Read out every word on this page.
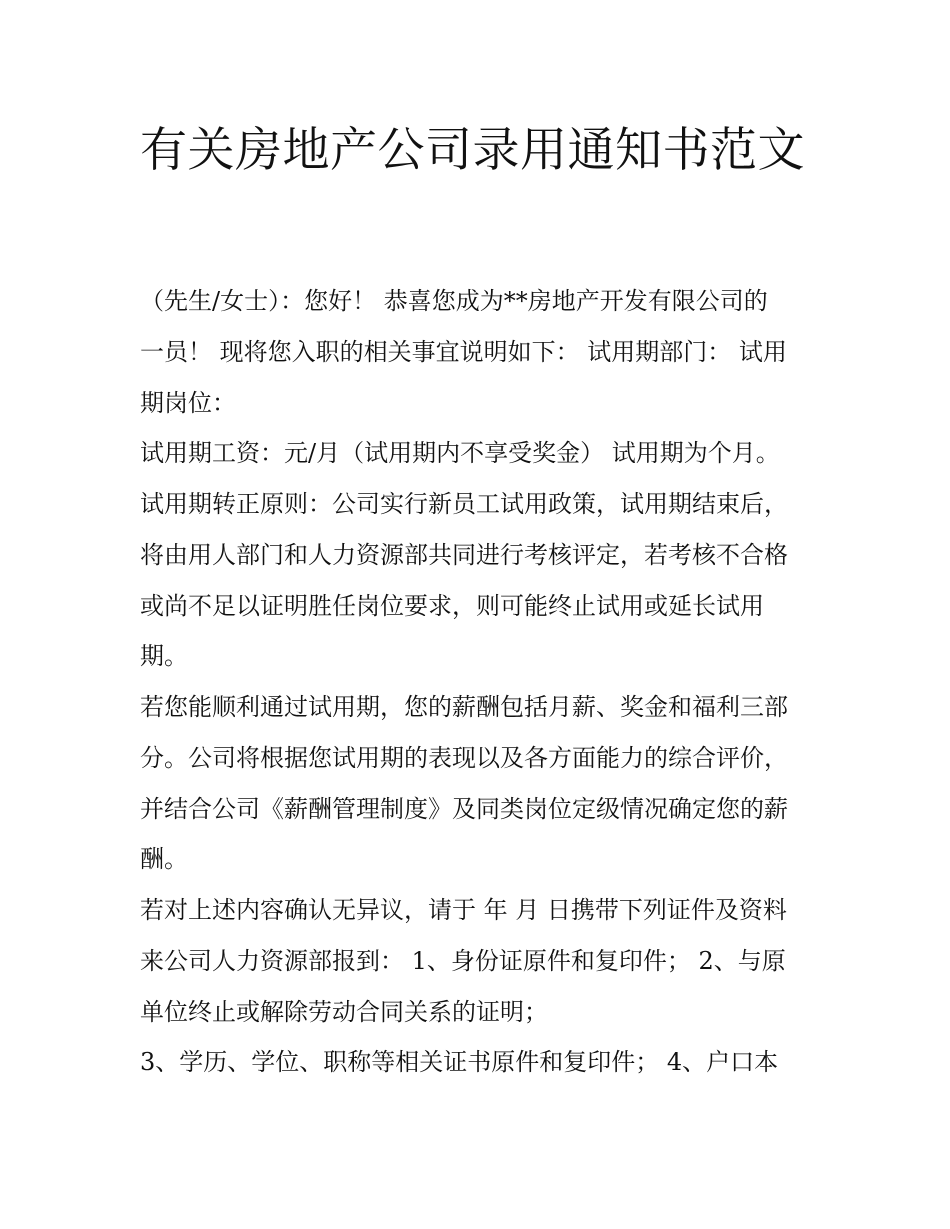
有关房地产公司录用通知书范文

（先生/女士）：您好！ 恭喜您成为**房地产开发有限公司的

一员！ 现将您入职的相关事宜说明如下： 试用期部门： 试用

期岗位：

试用期工资：元/月（试用期内不享受奖金） 试用期为个月。

试用期转正原则：公司实行新员工试用政策，试用期结束后，

将由用人部门和人力资源部共同进行考核评定，若考核不合格

或尚不足以证明胜任岗位要求，则可能终止试用或延长试用

期。

若您能顺利通过试用期，您的薪酬包括月薪、奖金和福利三部

分。公司将根据您试用期的表现以及各方面能力的综合评价，

并结合公司《薪酬管理制度》及同类岗位定级情况确定您的薪

酬。

若对上述内容确认无异议，请于 年 月 日携带下列证件及资料

来公司人力资源部报到： 1、身份证原件和复印件； 2、与原

单位终止或解除劳动合同关系的证明；

3、学历、学位、职称等相关证书原件和复印件； 4、户口本
